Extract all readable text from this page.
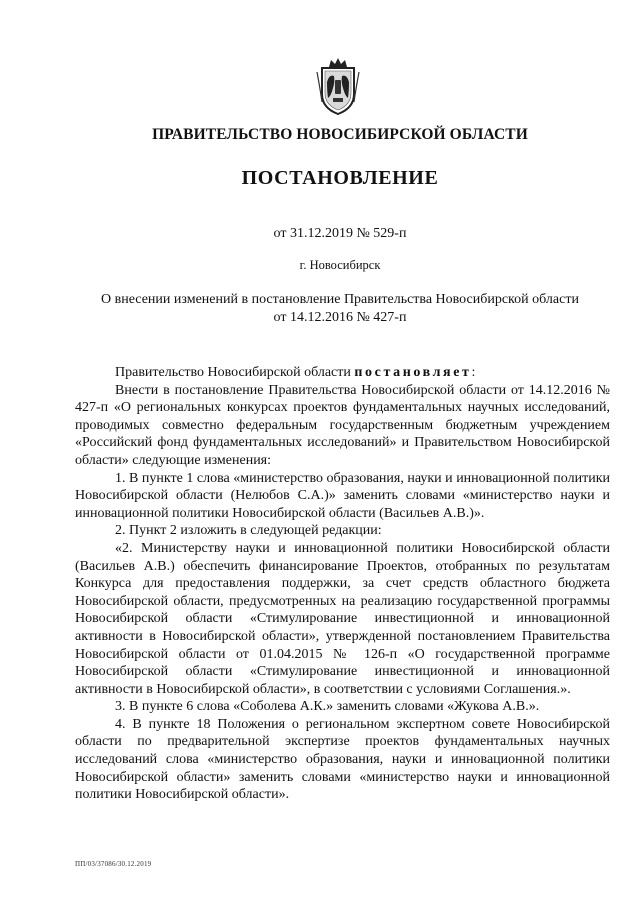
ПРАВИТЕЛЬСТВО НОВОСИБИРСКОЙ ОБЛАСТИ
ПОСТАНОВЛЕНИЕ
от 31.12.2019 № 529-п
г. Новосибирск
О внесении изменений в постановление Правительства Новосибирской области
от 14.12.2016 № 427-п

Правительство Новосибирской области постановляет:

Внести в постановление Правительства Новосибирской области от 14.12.2016 № 427-п «О региональных конкурсах проектов фундаментальных научных исследований, проводимых совместно федеральным государственным бюджетным учреждением «Российский фонд фундаментальных исследований» и Правительством Новосибирской области» следующие изменения:

1. В пункте 1 слова «министерство образования, науки и инновационной политики Новосибирской области (Нелюбов С.А.)» заменить словами «министерство науки и инновационной политики Новосибирской области (Васильев А.В.)».

2. Пункт 2 изложить в следующей редакции:

«2. Министерству науки и инновационной политики Новосибирской области (Васильев А.В.) обеспечить финансирование Проектов, отобранных по результатам Конкурса для предоставления поддержки, за счет средств областного бюджета Новосибирской области, предусмотренных на реализацию государственной программы Новосибирской области «Стимулирование инвестиционной и инновационной активности в Новосибирской области», утвержденной постановлением Правительства Новосибирской области от 01.04.2015 № 126-п «О государственной программе Новосибирской области «Стимулирование инвестиционной и инновационной активности в Новосибирской области», в соответствии с условиями Соглашения.».

3. В пункте 6 слова «Соболева А.К.» заменить словами «Жукова А.В.».

4. В пункте 18 Положения о региональном экспертном совете Новосибирской области по предварительной экспертизе проектов фундаментальных научных исследований слова «министерство образования, науки и инновационной политики Новосибирской области» заменить словами «министерство науки и инновационной политики Новосибирской области».

ПП/03/37086/30.12.2019
